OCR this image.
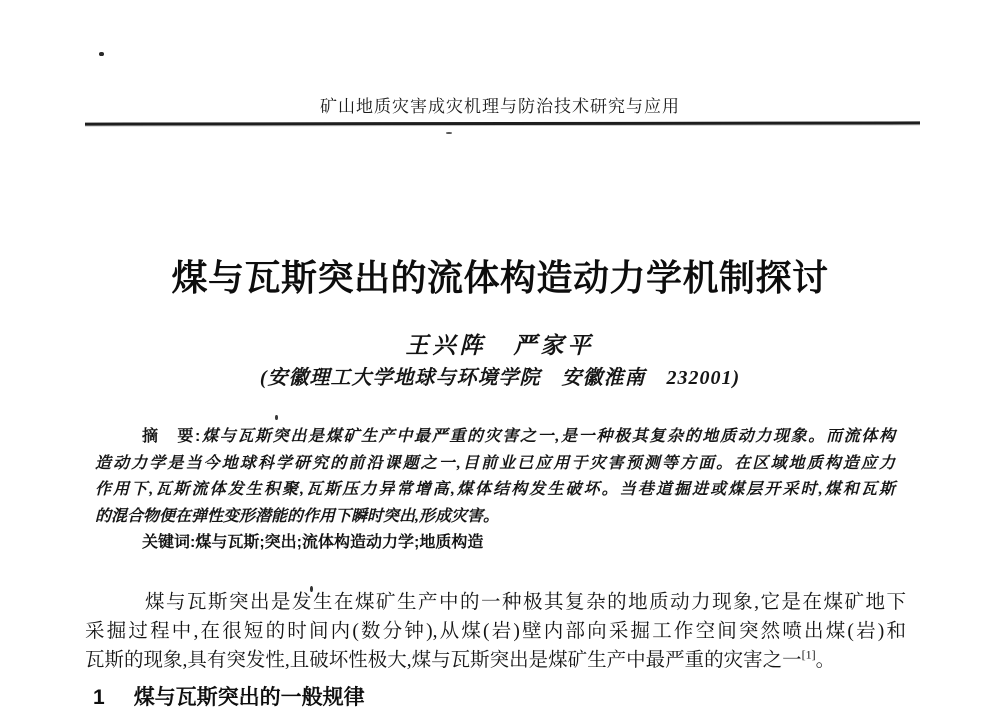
矿山地质灾害成灾机理与防治技术研究与应用
煤与瓦斯突出的流体构造动力学机制探讨
王兴阵　严家平
(安徽理工大学地球与环境学院　安徽淮南　232001)
摘　要:煤与瓦斯突出是煤矿生产中最严重的灾害之一,是一种极其复杂的地质动力现象。而流体构
造动力学是当今地球科学研究的前沿课题之一,目前业已应用于灾害预测等方面。在区域地质构造应力
作用下,瓦斯流体发生积聚,瓦斯压力异常增高,煤体结构发生破坏。当巷道掘进或煤层开采时,煤和瓦斯
的混合物便在弹性变形潜能的作用下瞬时突出,形成灾害。
关键词:煤与瓦斯;突出;流体构造动力学;地质构造
煤与瓦斯突出是发生在煤矿生产中的一种极其复杂的地质动力现象,它是在煤矿地下
采掘过程中,在很短的时间内(数分钟),从煤(岩)壁内部向采掘工作空间突然喷出煤(岩)和
瓦斯的现象,具有突发性,且破坏性极大,煤与瓦斯突出是煤矿生产中最严重的灾害之一[1]。
1 煤与瓦斯突出的一般规律
